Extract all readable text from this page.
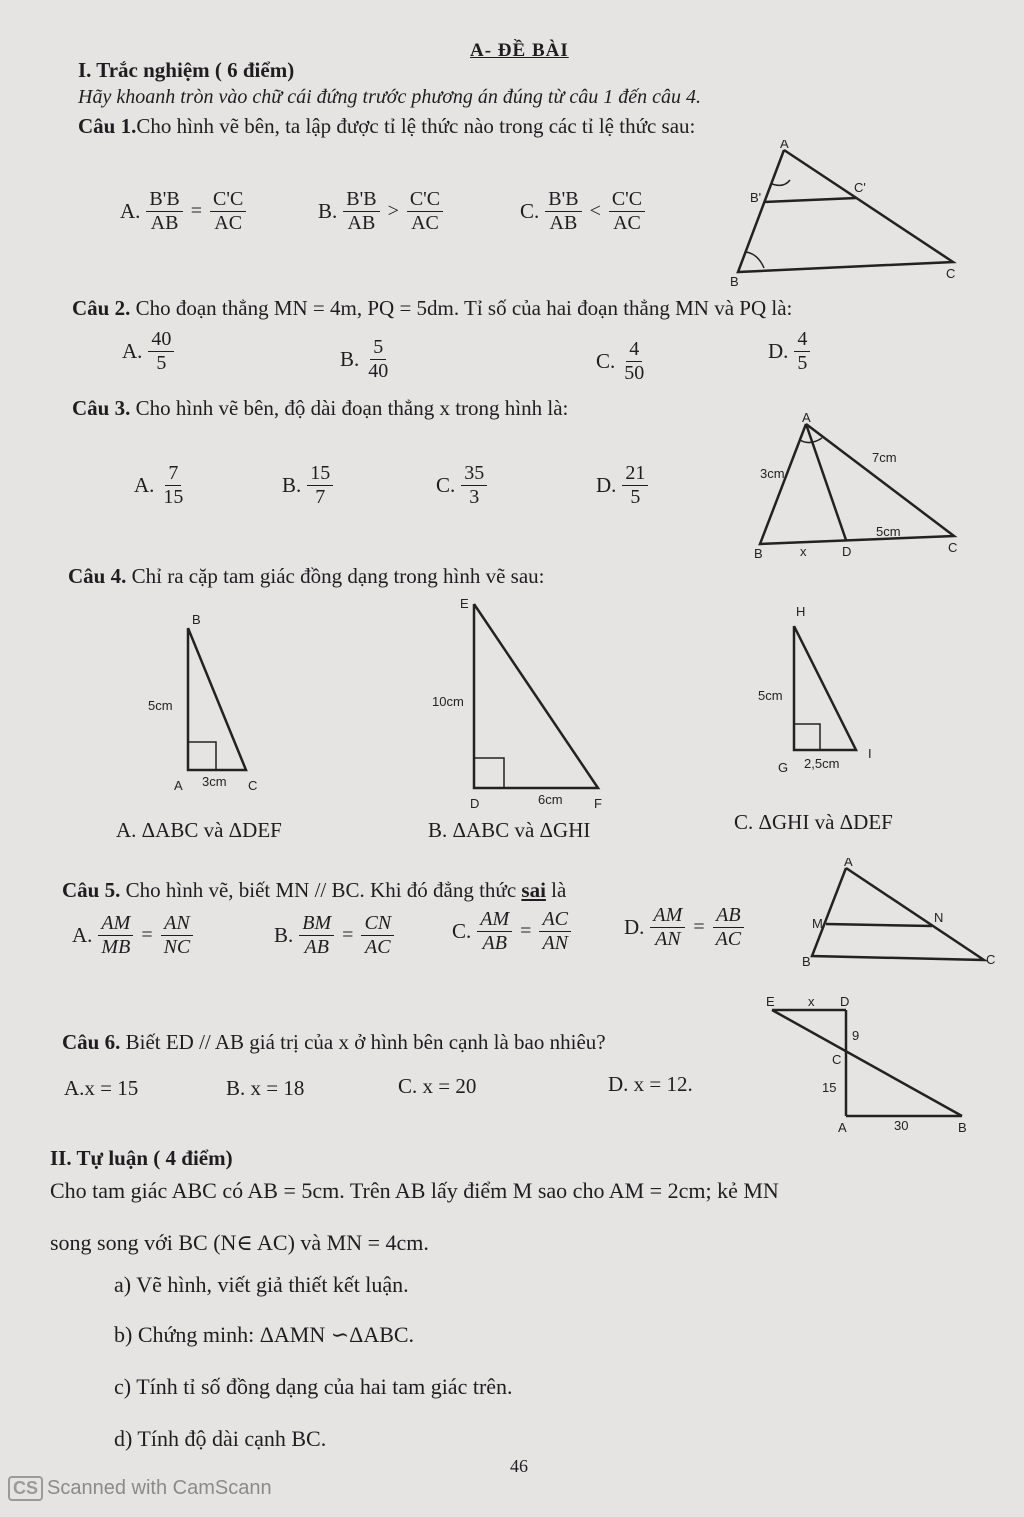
A- ĐỀ BÀI
I. Trắc nghiệm ( 6 điểm)
Hãy khoanh tròn vào chữ cái đứng trước phương án đúng từ câu 1 đến câu 4.
Câu 1.Cho hình vẽ bên, ta lập được tỉ lệ thức nào trong các tỉ lệ thức sau:
A. $\frac{B'B}{AB} = \frac{C'C}{AC}$	B. $\frac{B'B}{AB} > \frac{C'C}{AC}$	C. $\frac{B'B}{AB} < \frac{C'C}{AC}$
A
B
C
B'
C'
Câu 2. Cho đoạn thẳng MN = 4m, PQ = 5dm. Tỉ số của hai đoạn thẳng MN và PQ là:
A. $\frac{40}{5}$	B. $\frac{5}{40}$	C. $\frac{4}{50}$	D. $\frac{4}{5}$
Câu 3. Cho hình vẽ bên, độ dài đoạn thẳng x trong hình là:
A. $\frac{7}{15}$	B. $\frac{15}{7}$	C. $\frac{35}{3}$	D. $\frac{21}{5}$
A
B	C
D
x
3cm
7cm
5cm
Câu 4. Chỉ ra cặp tam giác đồng dạng trong hình vẽ sau:
B
A	C
5cm
3cm
E
D	F
10cm
6cm
H
G
I
5cm
2,5cm
A. ΔABC và ΔDEF	B. ΔABC và ΔGHI	C. ΔGHI và ΔDEF
Câu 5. Cho hình vẽ, biết MN // BC. Khi đó đẳng thức sai là
A. $\frac{AM}{MB} = \frac{AN}{NC}$	B. $\frac{BM}{AB} = \frac{CN}{AC}$	C. $\frac{AM}{AB} = \frac{AC}{AN}$	D. $\frac{AM}{AN} = \frac{AB}{AC}$
A
M	N
B	C
Câu 6. Biết ED // AB giá trị của x ở hình bên cạnh là bao nhiêu?
A.x = 15	B. x = 18	C. x = 20	D. x = 12.
E	x D
9
C
15
A	30	B
II. Tự luận ( 4 điểm)
Cho tam giác ABC có AB = 5cm. Trên AB lấy điểm M sao cho AM = 2cm; kẻ MN
song song với BC (N∈ AC) và MN = 4cm.
a) Vẽ hình, viết giả thiết kết luận.
b) Chứng minh: ΔAMN ∽ΔABC.
c) Tính tỉ số đồng dạng của hai tam giác trên.
d) Tính độ dài cạnh BC.
46
CS Scanned with CamScann
